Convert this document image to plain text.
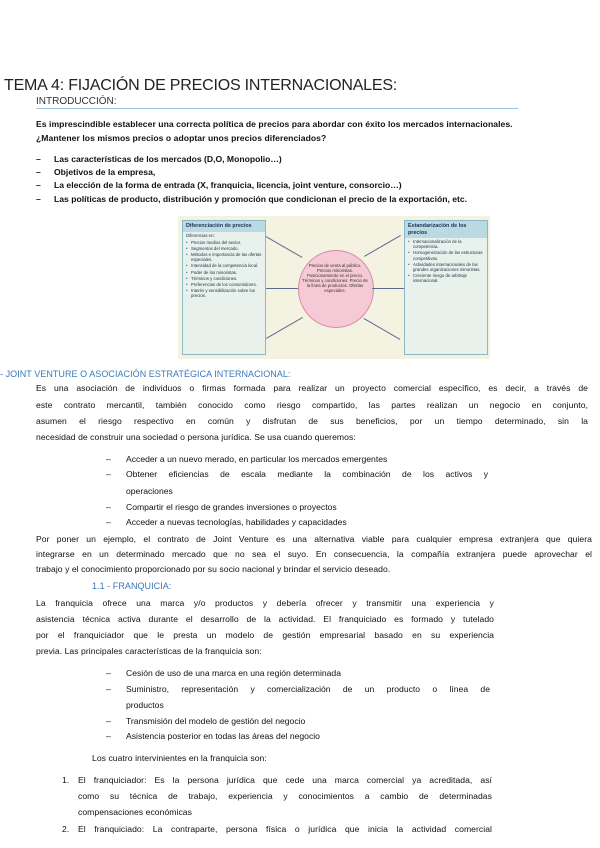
TEMA 4: FIJACIÓN DE PRECIOS INTERNACIONALES:
INTRODUCCIÓN:
Es imprescindible establecer una correcta política de precios para abordar con éxito los mercados internacionales.
¿Mantener los mismos precios o adoptar unos precios diferenciados?
– Las características de los mercados (D,O, Monopolio…)
– Objetivos de la empresa,
– La elección de la forma de entrada (X, franquicia, licencia, joint venture, consorcio…)
– Las políticas de producto, distribución y promoción que condicionan el precio de la exportación, etc.
Diferenciación de precios
Diferencias en:
• Precios medios del sector.
• Segmentos del mercado.
• Métodos e importancia de las ofertas especiales.
• Intensidad de la competencia local.
• Poder de los minoristas.
• Términos y condiciones.
• Preferencias de los consumidores.
• Interés y sensibilización sobre los precios.
Precios de venta al público. Precios minoristas. Posicionamiento en el precio. Términos y condiciones. Precio de la línea de productos. Ofertas especiales.
Estandarización de los precios
• Internacionalización de la competencia.
• Homogeneización de las estructuras competitivas.
• Actividades internacionales de las grandes organizaciones minoristas.
• Creciente riesgo de arbitraje internacional.
- JOINT VENTURE O ASOCIACIÓN ESTRATÉGICA INTERNACIONAL:
Es una asociación de individuos o firmas formada para realizar un proyecto comercial específico, es decir, a través de
este contrato mercantil, también conocido como riesgo compartido, las partes realizan un negocio en conjunto,
asumen el riesgo respectivo en común y disfrutan de sus beneficios, por un tiempo determinado, sin la
necesidad de construir una sociedad o persona jurídica. Se usa cuando queremos:
– Acceder a un nuevo merado, en particular los mercados emergentes
– Obtener eficiencias de escala mediante la combinación de los activos y
operaciones
– Compartir el riesgo de grandes inversiones o proyectos
– Acceder a nuevas tecnologías, habilidades y capacidades
Por poner un ejemplo, el contrato de Joint Venture es una alternativa viable para cualquier empresa extranjera que quiera
integrarse en un determinado mercado que no sea el suyo. En consecuencia, la compañía extranjera puede aprovechar el
trabajo y el conocimiento proporcionado por su socio nacional y brindar el servicio deseado.
1.1 - FRANQUICIA:
La franquicia ofrece una marca y/o productos y debería ofrecer y transmitir una experiencia y
asistencia técnica activa durante el desarrollo de la actividad. El franquiciado es formado y tutelado
por el franquiciador que le presta un modelo de gestión empresarial basado en su experiencia
previa. Las principales características de la franquicia son:
– Cesión de uso de una marca en una región determinada
– Suministro, representación y comercialización de un producto o línea de
productos
– Transmisión del modelo de gestión del negocio
– Asistencia posterior en todas las áreas del negocio
Los cuatro intervinientes en la franquicia son:
1. El franquiciador: Es la persona jurídica que cede una marca comercial ya acreditada, así
como su técnica de trabajo, experiencia y conocimientos a cambio de determinadas
compensaciones económicas
2. El franquiciado: La contraparte, persona física o jurídica que inicia la actividad comercial
